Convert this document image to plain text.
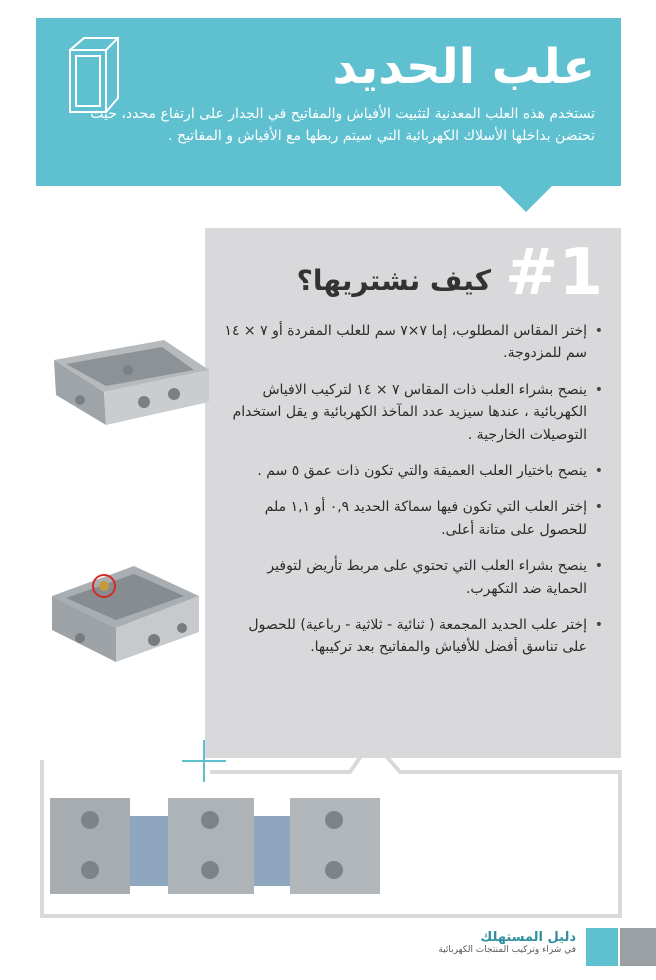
علب الحديد
تستخدم هذه العلب المعدنية لتثبيت الأفياش والمفاتيح في الجدار على ارتفاع محدد، حيث تحتضن بداخلها الأسلاك الكهربائية التي سيتم ربطها مع الأفياش و المفاتيح .
#1
كيف نشتريها؟
• إختر المقاس المطلوب، إما ٧×٧ سم للعلب المفردة أو ٧ × ١٤ سم للمزدوجة.
• ينصح بشراء العلب ذات المقاس ٧ × ١٤ لتركيب الافياش الكهربائية ، عندها سيزيد عدد المآخذ الكهربائية و يقل استخدام التوصيلات الخارجية .
• ينصح باختيار العلب العميقة والتي تكون ذات عمق ٥ سم .
• إختر العلب التي تكون فيها سماكة الحديد ٠,٩ أو ١,١ ملم للحصول على متانة أعلى.
• ينصح بشراء العلب التي تحتوي على مربط تأريض لتوفير الحماية ضد التكهرب.
• إختر علب الحديد المجمعة ( ثنائية - ثلاثية - رباعية) للحصول على تناسق أفضل للأفياش والمفاتيح بعد تركيبها.
دليل المستهلك
في شراء وتركيب المنتجات الكهربائية
